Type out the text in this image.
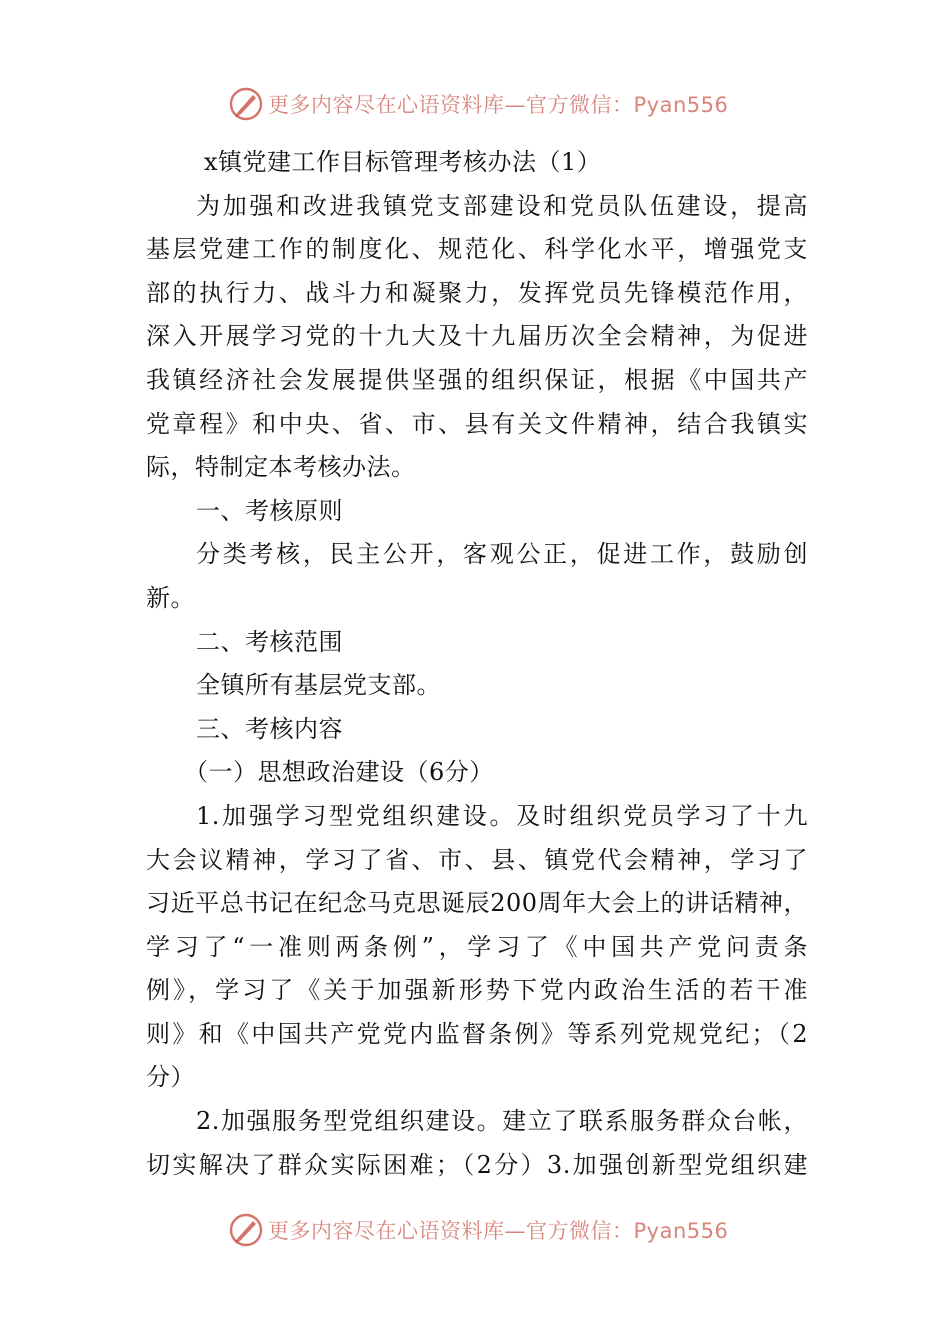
更多内容尽在心语资料库—官方微信：Pyan556
x镇党建工作目标管理考核办法（1）
为加强和改进我镇党支部建设和党员队伍建设，提高
基层党建工作的制度化、规范化、科学化水平，增强党支
部的执行力、战斗力和凝聚力，发挥党员先锋模范作用，
深入开展学习党的十九大及十九届历次全会精神，为促进
我镇经济社会发展提供坚强的组织保证，根据《中国共产
党章程》和中央、省、市、县有关文件精神，结合我镇实
际，特制定本考核办法。
一、考核原则
分类考核，民主公开，客观公正，促进工作，鼓励创
新。
二、考核范围
全镇所有基层党支部。
三、考核内容
（一）思想政治建设（6分）
1.加强学习型党组织建设。及时组织党员学习了十九
大会议精神，学习了省、市、县、镇党代会精神，学习了
习近平总书记在纪念马克思诞辰200周年大会上的讲话精神，
学习了“一准则两条例”，学习了《中国共产党问责条
例》，学习了《关于加强新形势下党内政治生活的若干准
则》和《中国共产党党内监督条例》等系列党规党纪；（2
分）
2.加强服务型党组织建设。建立了联系服务群众台帐，
切实解决了群众实际困难；（2分）3.加强创新型党组织建
更多内容尽在心语资料库—官方微信：Pyan556
